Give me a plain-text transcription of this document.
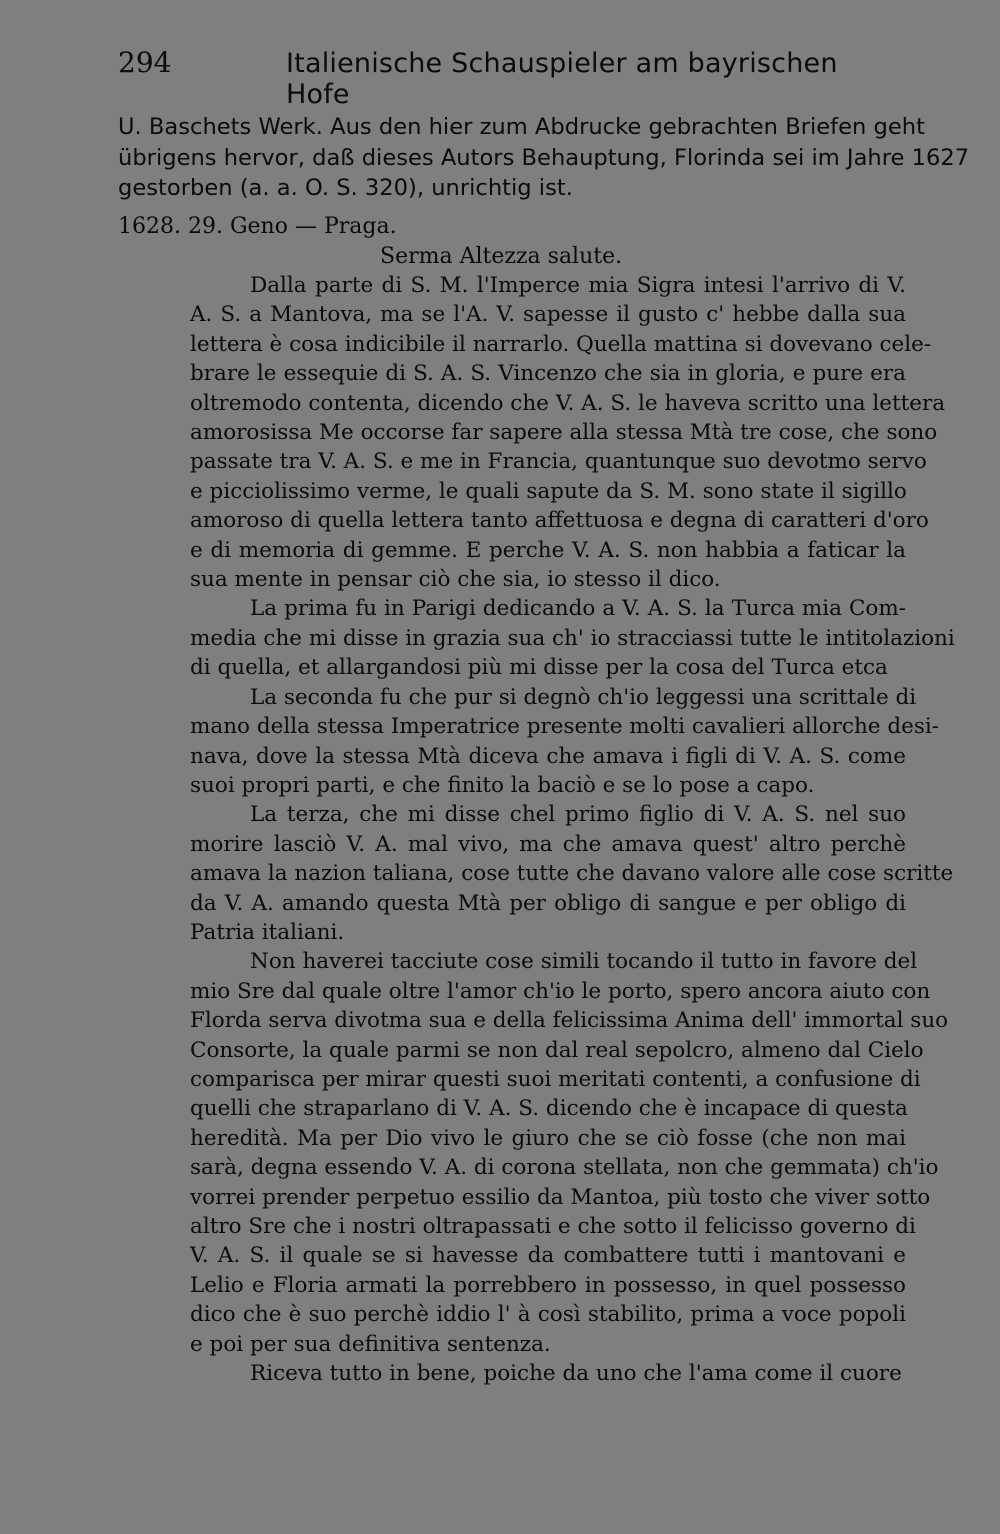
294	Italienische Schauspieler am bayrischen Hofe
U. Baschets Werk. Aus den hier zum Abdrucke gebrachten Briefen geht
übrigens hervor, daß dieses Autors Behauptung, Florinda sei im Jahre 1627
gestorben (a. a. O. S. 320), unrichtig ist.
1628. 29. Geno — Praga.
Serma Altezza salute.
Dalla parte di S. M. l'Imperce mia Sigra intesi l'arrivo di V.
A. S. a Mantova, ma se l'A. V. sapesse il gusto c' hebbe dalla sua
lettera è cosa indicibile il narrarlo. Quella mattina si dovevano cele-
brare le essequie di S. A. S. Vincenzo che sia in gloria, e pure era
oltremodo contenta, dicendo che V. A. S. le haveva scritto una lettera
amorosissa Me occorse far sapere alla stessa Mtà tre cose, che sono
passate tra V. A. S. e me in Francia, quantunque suo devotmo servo
e picciolissimo verme, le quali sapute da S. M. sono state il sigillo
amoroso di quella lettera tanto affettuosa e degna di caratteri d'oro
e di memoria di gemme. E perche V. A. S. non habbia a faticar la
sua mente in pensar ciò che sia, io stesso il dico.
La prima fu in Parigi dedicando a V. A. S. la Turca mia Com-
media che mi disse in grazia sua ch' io stracciassi tutte le intitolazioni
di quella, et allargandosi più mi disse per la cosa del Turca etca
La seconda fu che pur si degnò ch'io leggessi una scrittale di
mano della stessa Imperatrice presente molti cavalieri allorche desi-
nava, dove la stessa Mtà diceva che amava i figli di V. A. S. come
suoi propri parti, e che finito la baciò e se lo pose a capo.
La terza, che mi disse chel primo figlio di V. A. S. nel suo
morire lasciò V. A. mal vivo, ma che amava quest' altro perchè
amava la nazion taliana, cose tutte che davano valore alle cose scritte
da V. A. amando questa Mtà per obligo di sangue e per obligo di
Patria italiani.
Non haverei tacciute cose simili tocando il tutto in favore del
mio Sre dal quale oltre l'amor ch'io le porto, spero ancora aiuto con
Florda serva divotma sua e della felicissima Anima dell' immortal suo
Consorte, la quale parmi se non dal real sepolcro, almeno dal Cielo
comparisca per mirar questi suoi meritati contenti, a confusione di
quelli che straparlano di V. A. S. dicendo che è incapace di questa
heredità. Ma per Dio vivo le giuro che se ciò fosse (che non mai
sarà, degna essendo V. A. di corona stellata, non che gemmata) ch'io
vorrei prender perpetuo essilio da Mantoa, più tosto che viver sotto
altro Sre che i nostri oltrapassati e che sotto il felicisso governo di
V. A. S. il quale se si havesse da combattere tutti i mantovani e
Lelio e Floria armati la porrebbero in possesso, in quel possesso
dico che è suo perchè iddio l' à così stabilito, prima a voce popoli
e poi per sua definitiva sentenza.
Riceva tutto in bene, poiche da uno che l'ama come il cuore
